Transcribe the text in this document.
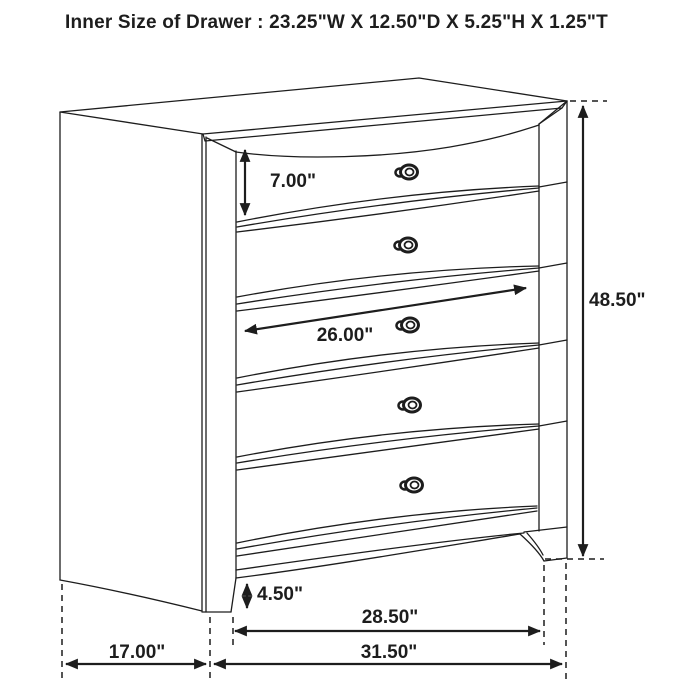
Inner Size of Drawer : 23.25"W X 12.50"D X 5.25"H X 1.25"T
7.00"
26.00"
48.50"
4.50"
28.50"
31.50"
17.00"
